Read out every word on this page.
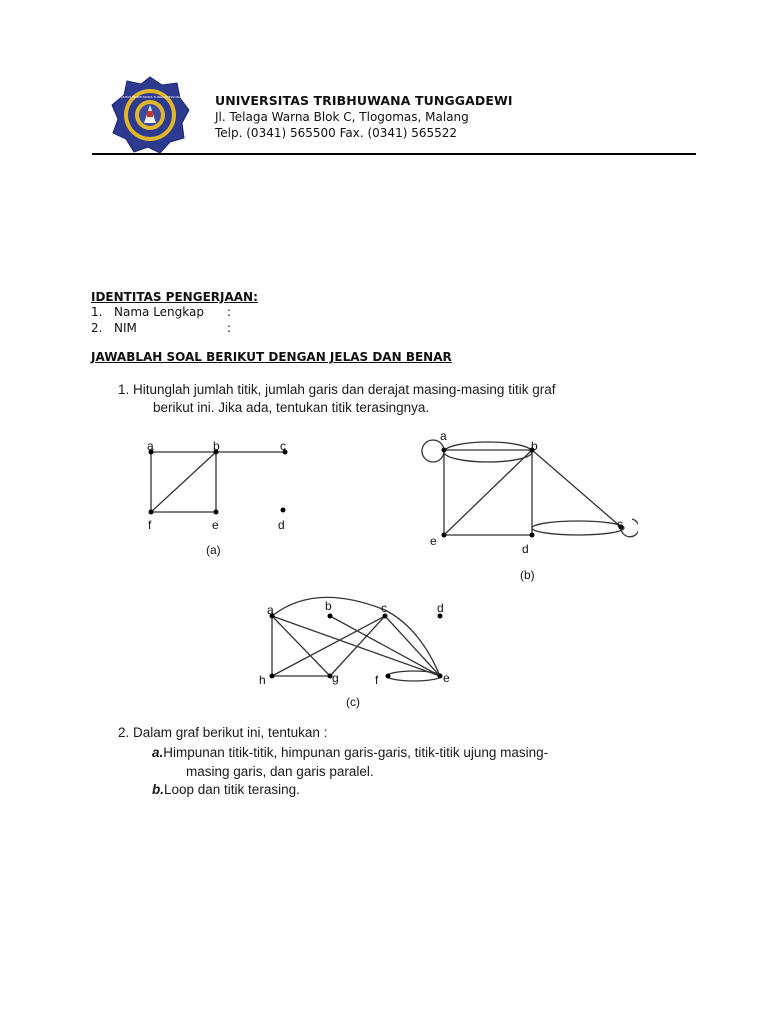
UNIVERSITAS TRIBHUWANA TUNGGADEWI MALANG UNIVERSITAS TRIBHUWANA TUNGGADEWI
Jl. Telaga Warna Blok C, Tlogomas, Malang
Telp. (0341) 565500 Fax. (0341) 565522
IDENTITAS PENGERJAAN:
1. Nama Lengkap :
2. NIM	:
JAWABLAH SOAL BERIKUT DENGAN JELAS DAN BENAR
1. Hitunglah jumlah titik, jumlah garis dan derajat masing-masing titik graf
berikut ini. Jika ada, tentukan titik terasingnya.
a	b	c
f	e	d
(a)
a
b
c
e
d
(b)
a	b	c	d
h	g	f	e
(c)
2. Dalam graf berikut ini, tentukan :
a.Himpunan titik-titik, himpunan garis-garis, titik-titik ujung masing-
masing garis, dan garis paralel.
b.Loop dan titik terasing.
